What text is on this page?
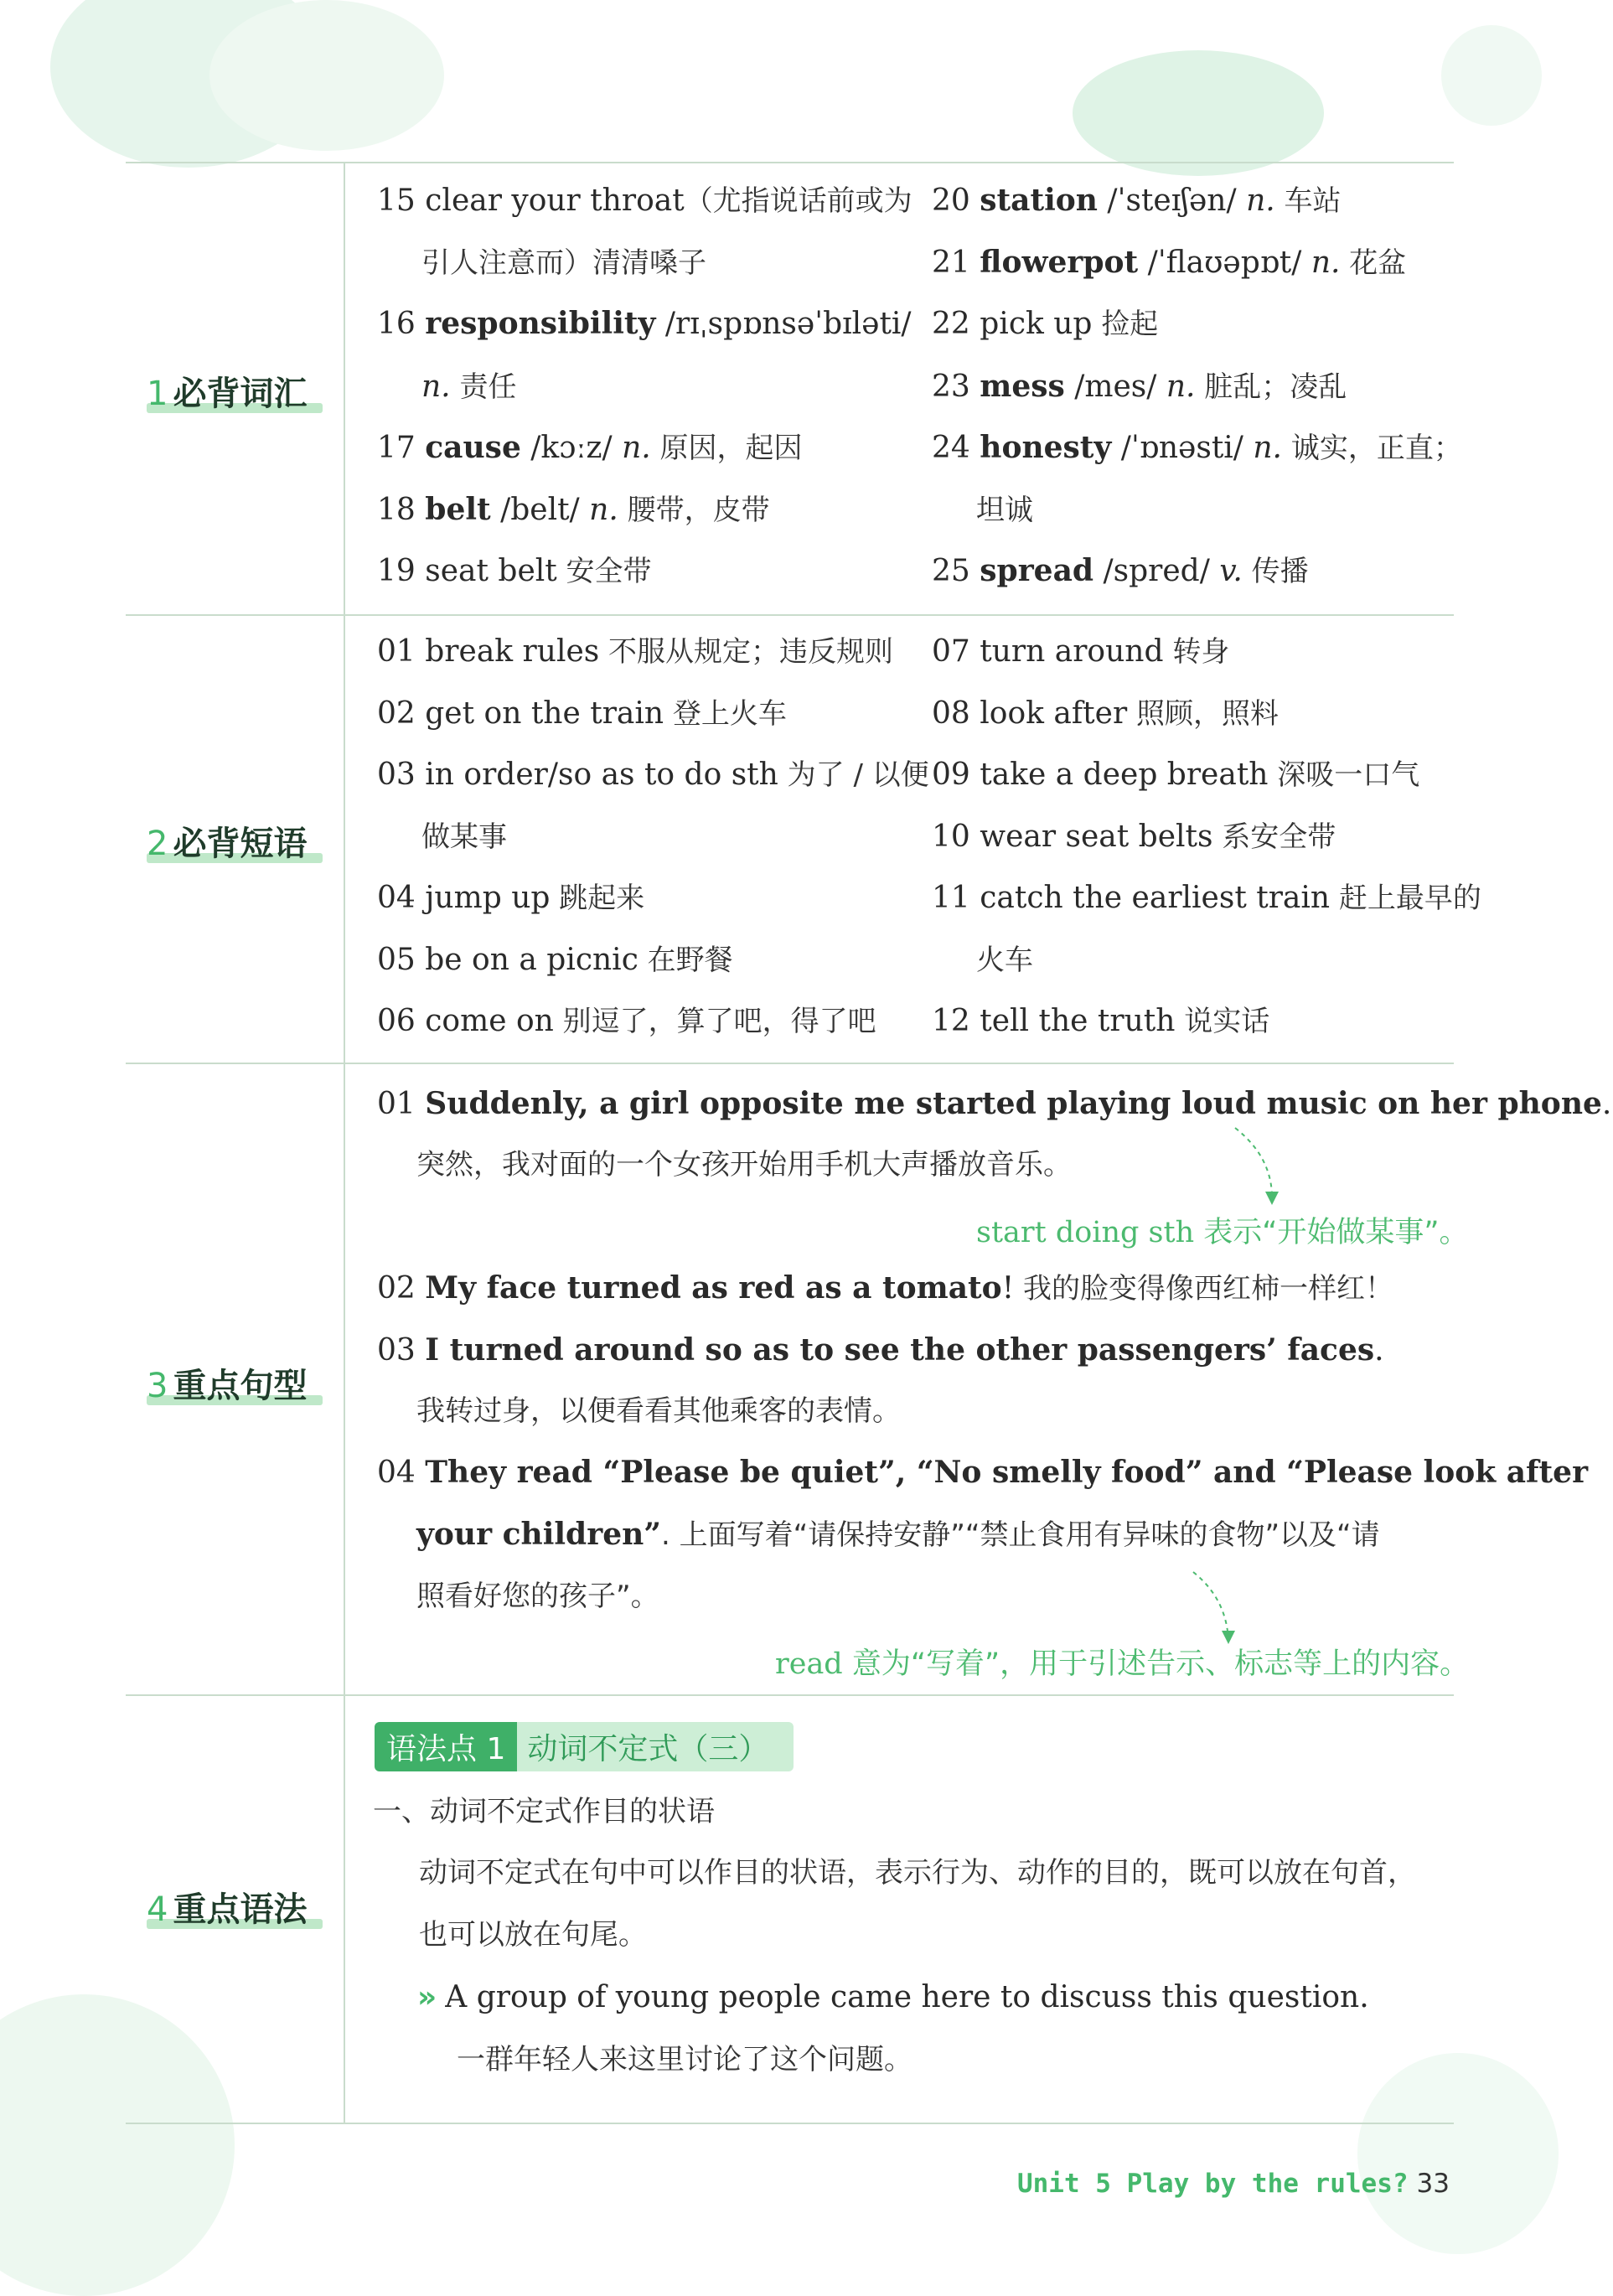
1 必背词汇
2 必背短语
3 重点句型
4 重点语法
15 clear your throat（尤指说话前或为
引人注意而）清清嗓子
16 responsibility /rɪˌspɒnsəˈbɪləti/
n. 责任
17 cause /kɔːz/ n. 原因，起因
18 belt /belt/ n. 腰带，皮带
19 seat belt 安全带
20 station /ˈsteɪʃən/ n. 车站
21 flowerpot /ˈflaʊəpɒt/ n. 花盆
22 pick up 捡起
23 mess /mes/ n. 脏乱；凌乱
24 honesty /ˈɒnəsti/ n. 诚实，正直；
坦诚
25 spread /spred/ v. 传播
01 break rules 不服从规定；违反规则
02 get on the train 登上火车
03 in order/so as to do sth 为了 / 以便
做某事
04 jump up 跳起来
05 be on a picnic 在野餐
06 come on 别逗了，算了吧，得了吧
07 turn around 转身
08 look after 照顾，照料
09 take a deep breath 深吸一口气
10 wear seat belts 系安全带
11 catch the earliest train 赶上最早的
火车
12 tell the truth 说实话
01 Suddenly, a girl opposite me started playing loud music on her phone.
突然，我对面的一个女孩开始用手机大声播放音乐。
start doing sth 表示“开始做某事”。
02 My face turned as red as a tomato! 我的脸变得像西红柿一样红！
03 I turned around so as to see the other passengers’ faces.
我转过身，以便看看其他乘客的表情。
04 They read “Please be quiet”, “No smelly food” and “Please look after
your children”. 上面写着“请保持安静”“禁止食用有异味的食物”以及“请
照看好您的孩子”。
read 意为“写着”，用于引述告示、标志等上的内容。
语法点 1 动词不定式（三）
一、动词不定式作目的状语
动词不定式在句中可以作目的状语，表示行为、动作的目的，既可以放在句首，
也可以放在句尾。
» A group of young people came here to discuss this question.
一群年轻人来这里讨论了这个问题。
Unit 5 Play by the rules? 33
